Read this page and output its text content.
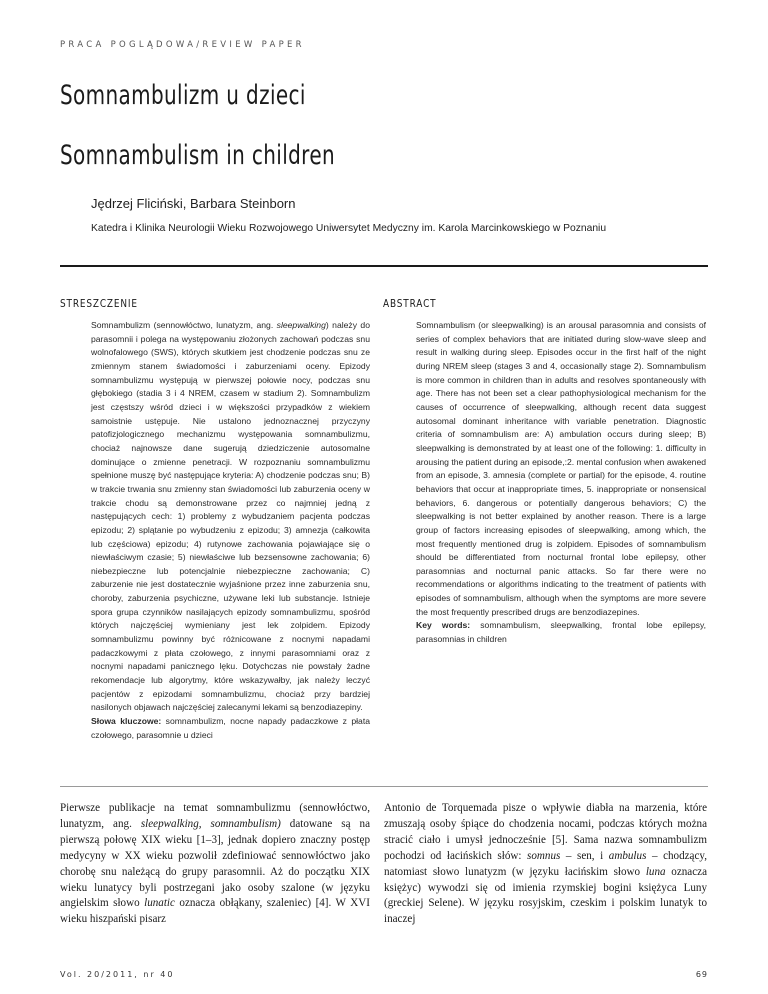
PRACA POGLĄDOWA/REVIEW PAPER
Somnambulizm u dzieci
Somnambulism in children
Jędrzej Fliciński, Barbara Steinborn
Katedra i Klinika Neurologii Wieku Rozwojowego Uniwersytet Medyczny im. Karola Marcinkowskiego w Poznaniu
STRESZCZENIE
Somnambulizm (sennowłóctwo, lunatyzm, ang. sleepwalking) należy do parasomnii i polega na występowaniu złożonych zachowań podczas snu wolnofalowego (SWS), których skutkiem jest chodzenie podczas snu ze zmiennym stanem świadomości i zaburzeniami oceny. Epizody somnambulizmu występują w pierwszej połowie nocy, podczas snu głębokiego (stadia 3 i 4 NREM, czasem w stadium 2). Somnambulizm jest częstszy wśród dzieci i w większości przypadków z wiekiem samoistnie ustępuje. Nie ustalono jednoznacznej przyczyny patofizjologicznego mechanizmu występowania somnambulizmu, chociaż najnowsze dane sugerują dziedziczenie autosomalne dominujące o zmienne penetracji. W rozpoznaniu somnambulizmu spełnione muszę być następujące kryteria: A) chodzenie podczas snu; B) w trakcie trwania snu zmienny stan świadomości lub zaburzenia oceny w trakcie chodu są demonstrowane przez co najmniej jedną z następujących cech: 1) problemy z wybudzaniem pacjenta podczas epizodu; 2) splątanie po wybudzeniu z epizodu; 3) amnezja (całkowita lub częściowa) epizodu; 4) rutynowe zachowania pojawiające się o niewłaściwym czasie; 5) niewłaściwe lub bezsensowne zachowania; 6) niebezpieczne lub potencjalnie niebezpieczne zachowania; C) zaburzenie nie jest dostatecznie wyjaśnione przez inne zaburzenia snu, choroby, zaburzenia psychiczne, używane leki lub substancje. Istnieje spora grupa czynników nasilających epizody somnambulizmu, spośród których najczęściej wymieniany jest lek zolpidem. Epizody somnambulizmu powinny być różnicowane z nocnymi napadami padaczkowymi z płata czołowego, z innymi parasomniami oraz z nocnymi napadami panicznego lęku. Dotychczas nie powstały żadne rekomendacje lub algorytmy, które wskazywałby, jak należy leczyć pacjentów z epizodami somnambulizmu, chociaż przy bardziej nasilonych objawach najczęściej zalecanymi lekami są benzodiazepiny.
Słowa kluczowe: somnambulizm, nocne napady padaczkowe z płata czołowego, parasomnie u dzieci
ABSTRACT
Somnambulism (or sleepwalking) is an arousal parasomnia and consists of series of complex behaviors that are initiated during slow-wave sleep and result in walking during sleep. Episodes occur in the first half of the night during NREM sleep (stages 3 and 4, occasionally stage 2). Somnambulism is more common in children than in adults and resolves spontaneously with age. There has not been set a clear pathophysiological mechanism for the causes of occurrence of sleepwalking, although recent data suggest autosomal dominant inheritance with variable penetration. Diagnostic criteria of somnambulism are: A) ambulation occurs during sleep; B) sleepwalking is demonstrated by at least one of the following: 1. difficulty in arousing the patient during an episode,:2. mental confusion when awakened from an episode, 3. amnesia (complete or partial) for the episode, 4. routine behaviors that occur at inappropriate times, 5. inappropriate or nonsensical behaviors, 6. dangerous or potentially dangerous behaviors; C) the sleepwalking is not better explained by another reason. There is a large group of factors increasing episodes of sleepwalking, among which, the most frequently mentioned drug is zolpidem. Episodes of somnambulism should be differentiated from nocturnal frontal lobe epilepsy, other parasomnias and nocturnal panic attacks. So far there were no recommendations or algorithms indicating to the treatment of patients with episodes of somnambulism, although when the symptoms are more severe the most frequently prescribed drugs are benzodiazepines.
Key words: somnambulism, sleepwalking, frontal lobe epilepsy, parasomnias in children
Pierwsze publikacje na temat somnambulizmu (sennowłóctwo, lunatyzm, ang. sleepwalking, somnambulism) datowane są na pierwszą połowę XIX wieku [1–3], jednak dopiero znaczny postęp medycyny w XX wieku pozwolił zdefiniować sennowłóctwo jako chorobę snu należącą do grupy parasomnii. Aż do początku XIX wieku lunatycy byli postrzegani jako osoby szalone (w języku angielskim słowo lunatic oznacza obłąkany, szaleniec) [4]. W XVI wieku hiszpański pisarz
Antonio de Torquemada pisze o wpływie diabła na marzenia, które zmuszają osoby śpiące do chodzenia nocami, podczas których można stracić ciało i umysł jednocześnie [5]. Sama nazwa somnambulizm pochodzi od łacińskich słów: somnus – sen, i ambulus – chodzący, natomiast słowo lunatyzm (w języku łacińskim słowo luna oznacza księżyc) wywodzi się od imienia rzymskiej bogini księżyca Luny (greckiej Selene). W języku rosyjskim, czeskim i polskim lunatyk to inaczej
Vol. 20/2011, nr 40	69
